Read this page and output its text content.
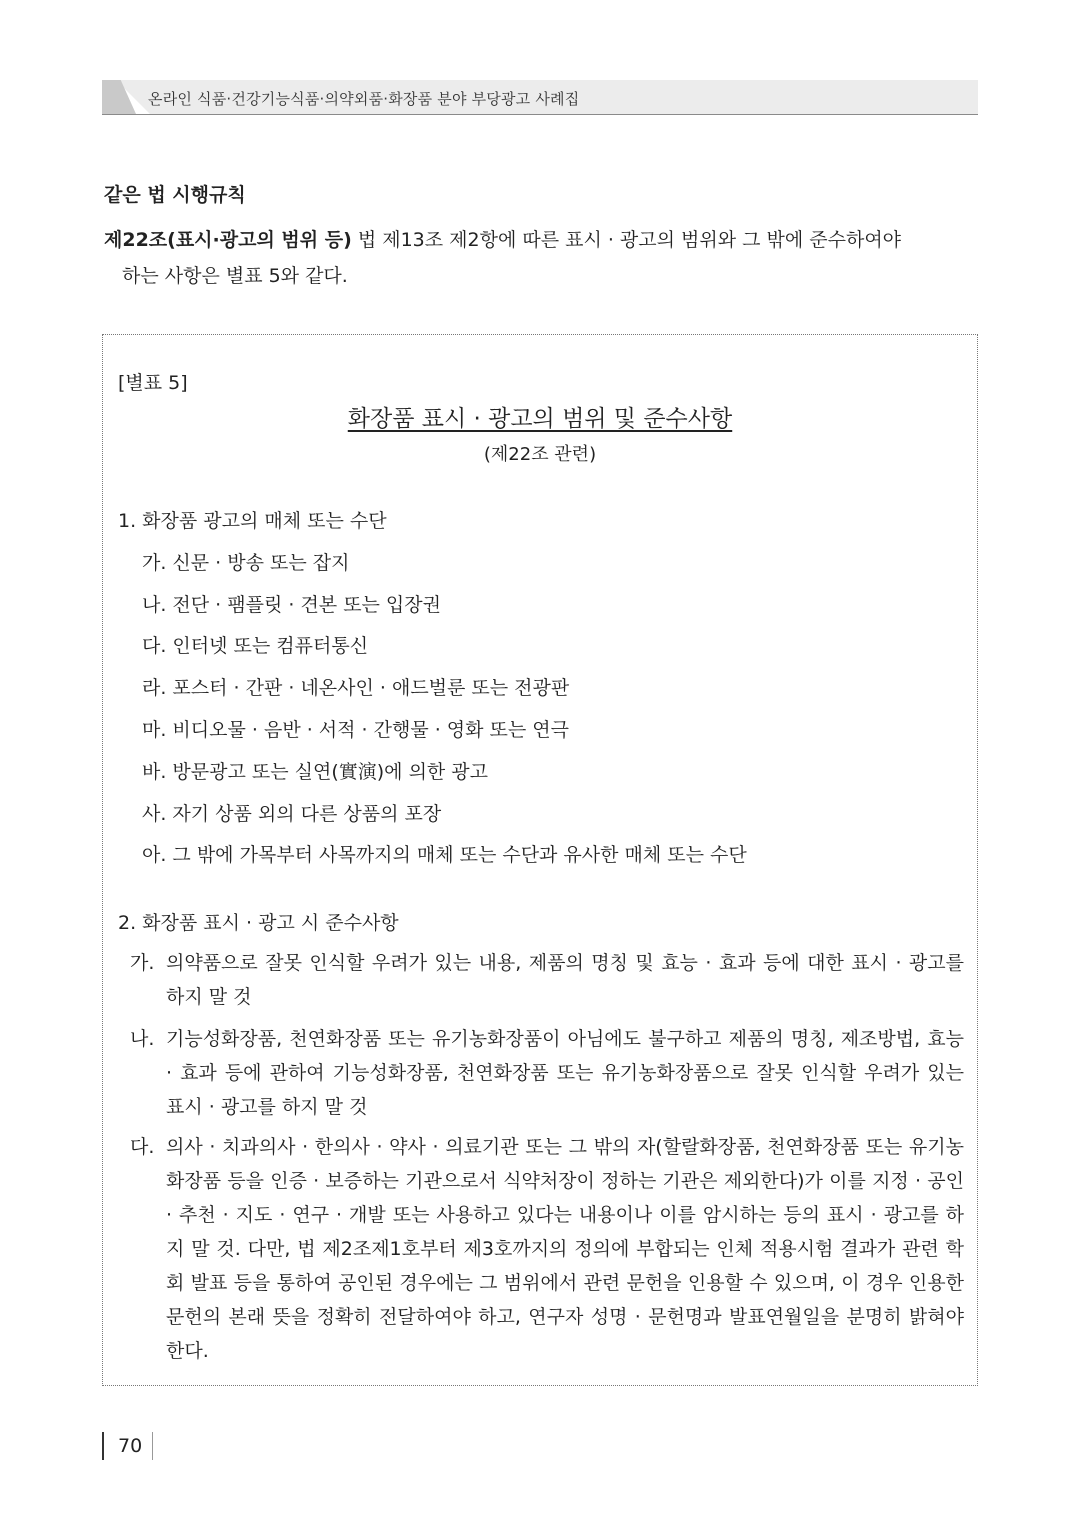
온라인 식품·건강기능식품·의약외품·화장품 분야 부당광고 사례집
같은 법 시행규칙
제22조(표시·광고의 범위 등) 법 제13조 제2항에 따른 표시 · 광고의 범위와 그 밖에 준수하여야
하는 사항은 별표 5와 같다.
[별표 5]
화장품 표시 · 광고의 범위 및 준수사항
(제22조 관련)
1. 화장품 광고의 매체 또는 수단
가. 신문 · 방송 또는 잡지
나. 전단 · 팸플릿 · 견본 또는 입장권
다. 인터넷 또는 컴퓨터통신
라. 포스터 · 간판 · 네온사인 · 애드벌룬 또는 전광판
마. 비디오물 · 음반 · 서적 · 간행물 · 영화 또는 연극
바. 방문광고 또는 실연(實演)에 의한 광고
사. 자기 상품 외의 다른 상품의 포장
아. 그 밖에 가목부터 사목까지의 매체 또는 수단과 유사한 매체 또는 수단
2. 화장품 표시 · 광고 시 준수사항
가. 의약품으로 잘못 인식할 우려가 있는 내용, 제품의 명칭 및 효능 · 효과 등에 대한 표시 · 광고를 하지 말 것
나. 기능성화장품, 천연화장품 또는 유기농화장품이 아님에도 불구하고 제품의 명칭, 제조방법, 효능 · 효과 등에 관하여 기능성화장품, 천연화장품 또는 유기농화장품으로 잘못 인식할 우려가 있는 표시 · 광고를 하지 말 것
다. 의사 · 치과의사 · 한의사 · 약사 · 의료기관 또는 그 밖의 자(할랄화장품, 천연화장품 또는 유기농화장품 등을 인증 · 보증하는 기관으로서 식약처장이 정하는 기관은 제외한다)가 이를 지정 · 공인 · 추천 · 지도 · 연구 · 개발 또는 사용하고 있다는 내용이나 이를 암시하는 등의 표시 · 광고를 하지 말 것. 다만, 법 제2조제1호부터 제3호까지의 정의에 부합되는 인체 적용시험 결과가 관련 학회 발표 등을 통하여 공인된 경우에는 그 범위에서 관련 문헌을 인용할 수 있으며, 이 경우 인용한 문헌의 본래 뜻을 정확히 전달하여야 하고, 연구자 성명 · 문헌명과 발표연월일을 분명히 밝혀야 한다.
70
